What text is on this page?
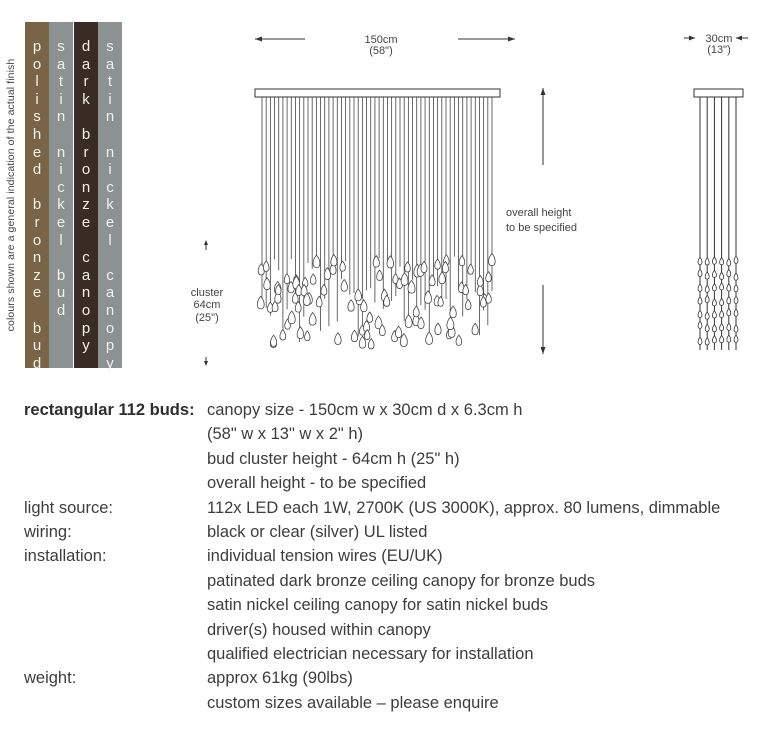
colours shown are a general indication of the actual finish
p
o
l
i
s
h
e
d

b
r
o
n
z
e

b
u
d
s
a
t
i
n

n
i
c
k
e
l

b
u
d
d
a
r
k

b
r
o
n
z
e

c
a
n
o
p
y
s
a
t
i
n

n
i
c
k
e
l

c
a
n
o
p
y
150cm
(58")
30cm
(13")
overall height
to be specified
cluster
64cm
(25")
rectangular 112 buds: canopy size - 150cm w x 30cm d x 6.3cm h
(58" w x 13" w x 2" h)
bud cluster height - 64cm h (25" h)
overall height - to be specified
light source:	112x LED each 1W, 2700K (US 3000K), approx. 80 lumens, dimmable
wiring:	black or clear (silver) UL listed
installation:	individual tension wires (EU/UK)
patinated dark bronze ceiling canopy for bronze buds
satin nickel ceiling canopy for satin nickel buds
driver(s) housed within canopy
qualified electrician necessary for installation
weight:	approx 61kg (90lbs)
custom sizes available – please enquire
